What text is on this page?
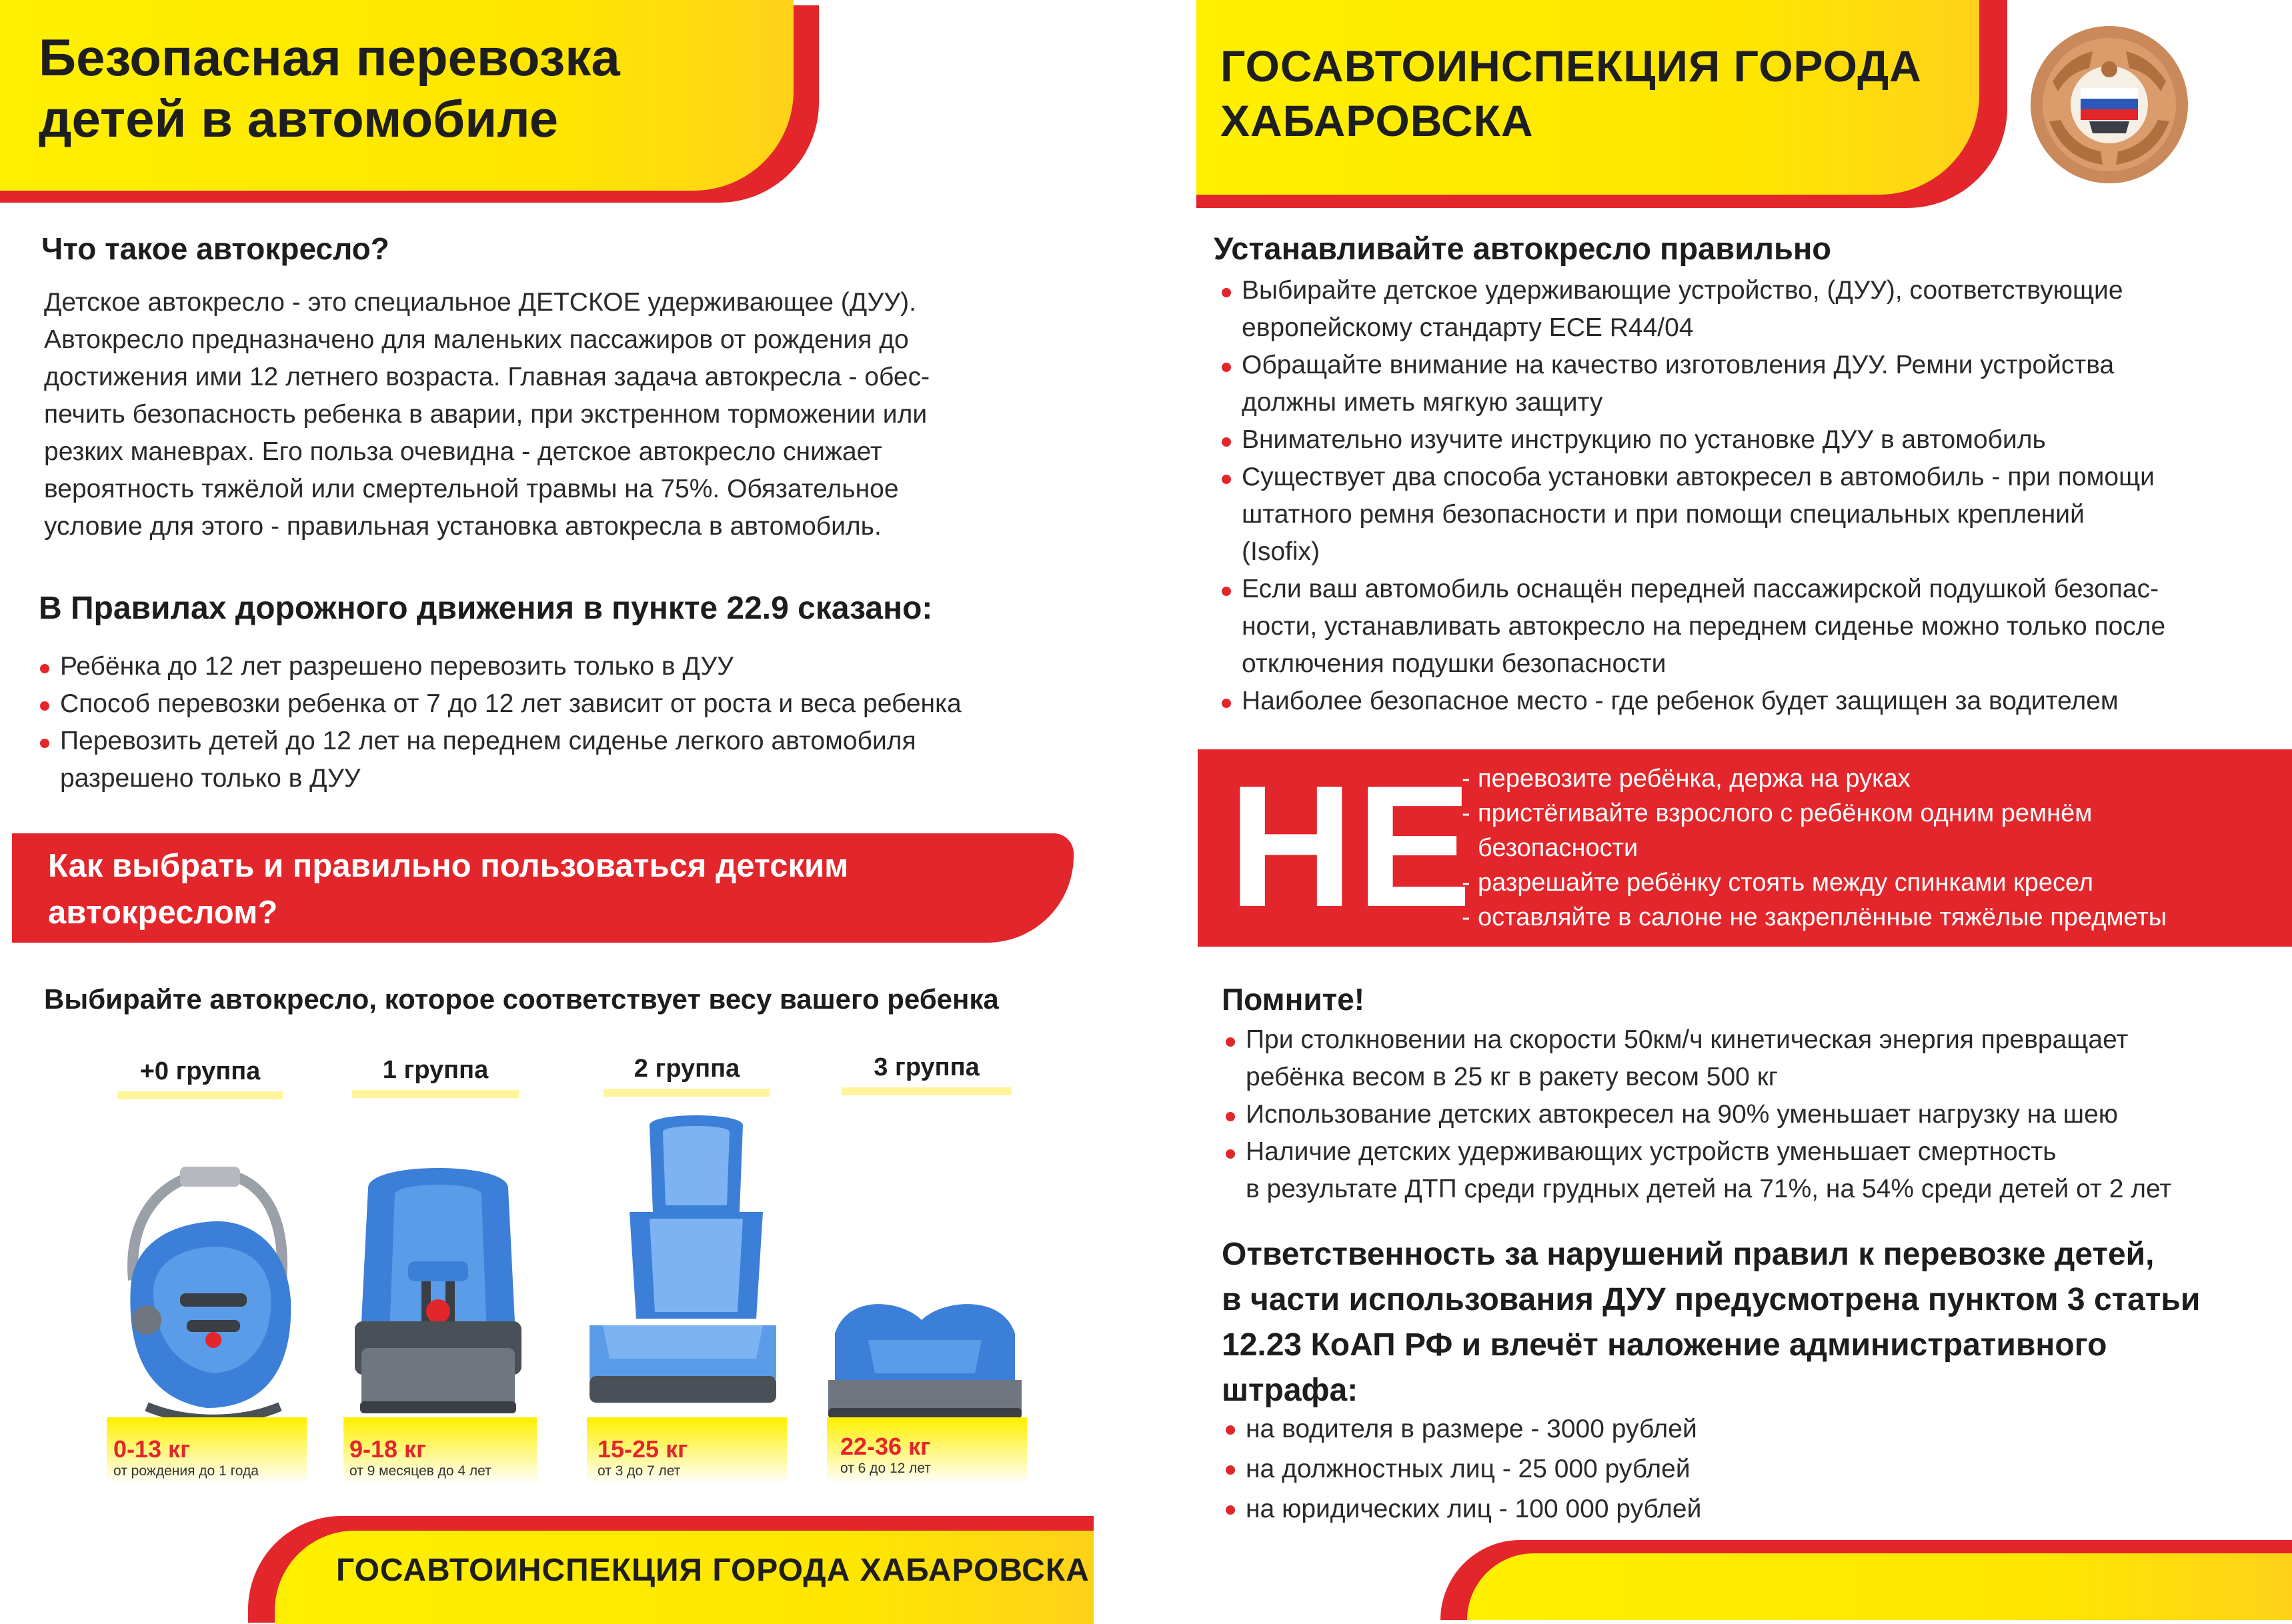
Безопасная перевозка
детей в автомобиле
Что такое автокресло?
Детское автокресло - это специальное ДЕТСКОЕ удерживающее (ДУУ).
Автокресло предназначено для маленьких пассажиров от рождения до
достижения ими 12 летнего возраста. Главная задача автокресла - обес-
печить безопасность ребенка в аварии, при экстренном торможении или
резких маневрах. Его польза очевидна - детское автокресло снижает
вероятность тяжёлой или смертельной травмы на 75%. Обязательное
условие для этого - правильная установка автокресла в автомобиль.
В Правилах дорожного движения в пункте 22.9 сказано:
Ребёнка до 12 лет разрешено перевозить только в ДУУ
Способ перевозки ребенка от 7 до 12 лет зависит от роста и веса ребенка
Перевозить детей до 12 лет на переднем сиденье легкого автомобиля разрешено только в ДУУ
Как выбрать и правильно пользоваться детским
автокреслом?
Выбирайте автокресло, которое соответствует весу вашего ребенка
+0 группа	1 группа	2 группа	3 группа
0-13 кг
от рождения до 1 года
9-18 кг
от 9 месяцев до 4 лет
15-25 кг
от 3 до 7 лет
22-36 кг
от 6 до 12 лет
ГОСАВТОИНСПЕКЦИЯ ГОРОДА ХАБАРОВСКА
ГОСАВТОИНСПЕКЦИЯ ГОРОДА
ХАБАРОВСКА
Устанавливайте автокресло правильно
Выбирайте детское удерживающие устройство, (ДУУ), соответствующие
европейскому стандарту ECE R44/04
Обращайте внимание на качество изготовления ДУУ. Ремни устройства
должны иметь мягкую защиту
Внимательно изучите инструкцию по установке ДУУ в автомобиль
Существует два способа установки автокресел в автомобиль - при помощи
штатного ремня безопасности и при помощи специальных креплений
(Isofix)
Если ваш автомобиль оснащён передней пассажирской подушкой безопас-
ности, устанавливать автокресло на переднем сиденье можно только после
отключения подушки безопасности
Наиболее безопасное место - где ребенок будет защищен за водителем
НЕ
- перевозите ребёнка, держа на руках
- пристёгивайте взрослого с ребёнком одним ремнём
безопасности
- разрешайте ребёнку стоять между спинками кресел
- оставляйте в салоне не закреплённые тяжёлые предметы
Помните!
При столкновении на скорости 50км/ч кинетическая энергия превращает
ребёнка весом в 25 кг в ракету весом 500 кг
Использование детских автокресел на 90% уменьшает нагрузку на шею
Наличие детских удерживающих устройств уменьшает смертность
в результате ДТП среди грудных детей на 71%, на 54% среди детей от 2 лет
Ответственность за нарушений правил к перевозке детей,
в части использования ДУУ предусмотрена пунктом 3 статьи
12.23 КоАП РФ и влечёт наложение административного
штрафа:
на водителя в размере - 3000 рублей
на должностных лиц - 25 000 рублей
на юридических лиц - 100 000 рублей
